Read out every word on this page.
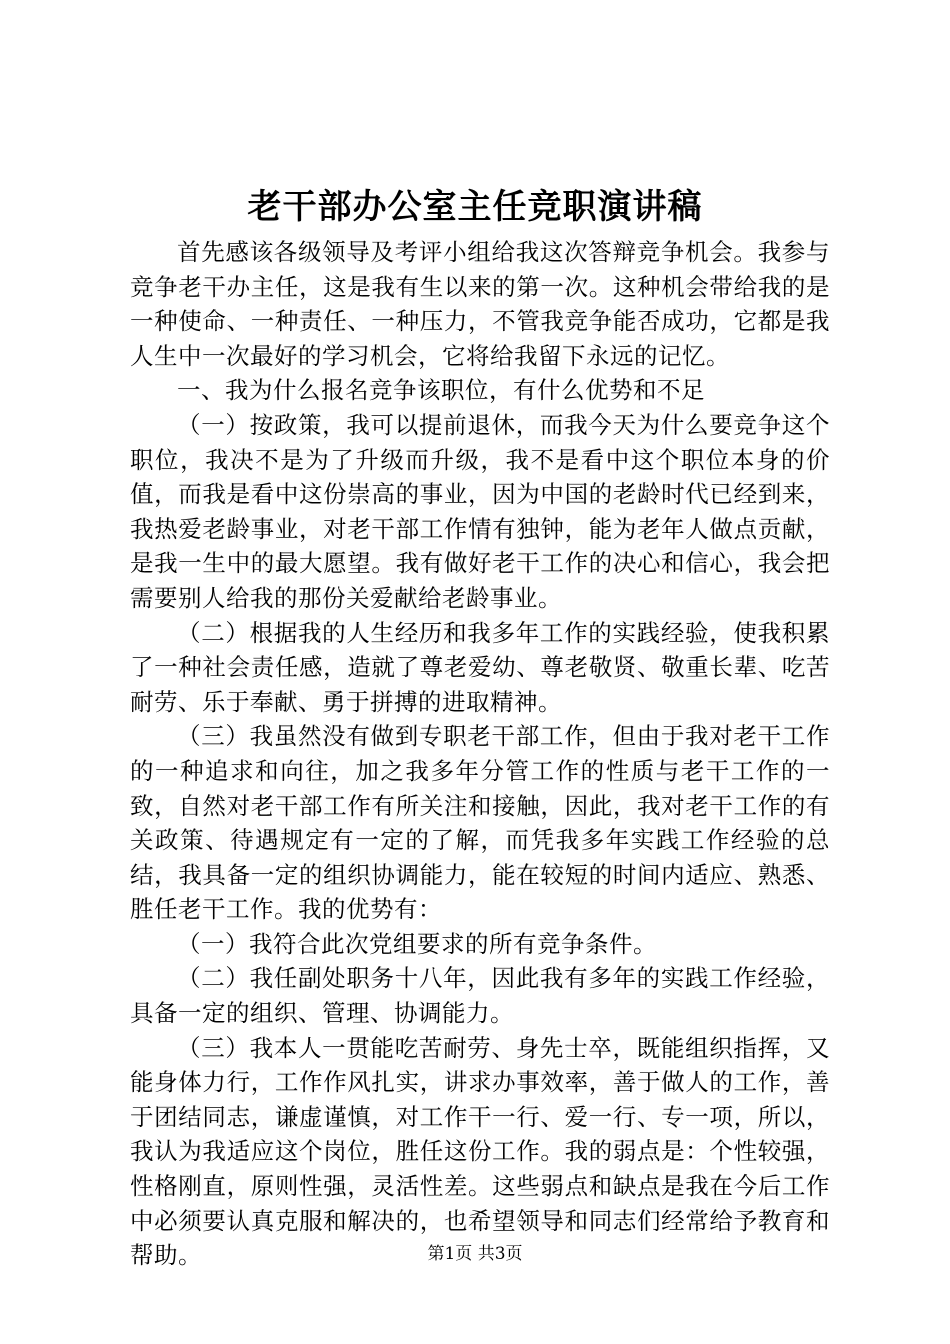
老干部办公室主任竞职演讲稿

首先感该各级领导及考评小组给我这次答辩竞争机会。我参与竞争老干办主任，这是我有生以来的第一次。这种机会带给我的是一种使命、一种责任、一种压力，不管我竞争能否成功，它都是我人生中一次最好的学习机会，它将给我留下永远的记忆。

一、我为什么报名竞争该职位，有什么优势和不足

（一）按政策，我可以提前退休，而我今天为什么要竞争这个职位，我决不是为了升级而升级，我不是看中这个职位本身的价值，而我是看中这份崇高的事业，因为中国的老龄时代已经到来，我热爱老龄事业，对老干部工作情有独钟，能为老年人做点贡献，是我一生中的最大愿望。我有做好老干工作的决心和信心，我会把需要别人给我的那份关爱献给老龄事业。

（二）根据我的人生经历和我多年工作的实践经验，使我积累了一种社会责任感，造就了尊老爱幼、尊老敬贤、敬重长辈、吃苦耐劳、乐于奉献、勇于拼搏的进取精神。

（三）我虽然没有做到专职老干部工作，但由于我对老干工作的一种追求和向往，加之我多年分管工作的性质与老干工作的一致，自然对老干部工作有所关注和接触，因此，我对老干工作的有关政策、待遇规定有一定的了解，而凭我多年实践工作经验的总结，我具备一定的组织协调能力，能在较短的时间内适应、熟悉、胜任老干工作。我的优势有：

（一）我符合此次党组要求的所有竞争条件。

（二）我任副处职务十八年，因此我有多年的实践工作经验，具备一定的组织、管理、协调能力。

（三）我本人一贯能吃苦耐劳、身先士卒，既能组织指挥，又能身体力行，工作作风扎实，讲求办事效率，善于做人的工作，善于团结同志，谦虚谨慎，对工作干一行、爱一行、专一项，所以，我认为我适应这个岗位，胜任这份工作。我的弱点是：个性较强，性格刚直，原则性强，灵活性差。这些弱点和缺点是我在今后工作中必须要认真克服和解决的，也希望领导和同志们经常给予教育和帮助。	第1页 共3页
